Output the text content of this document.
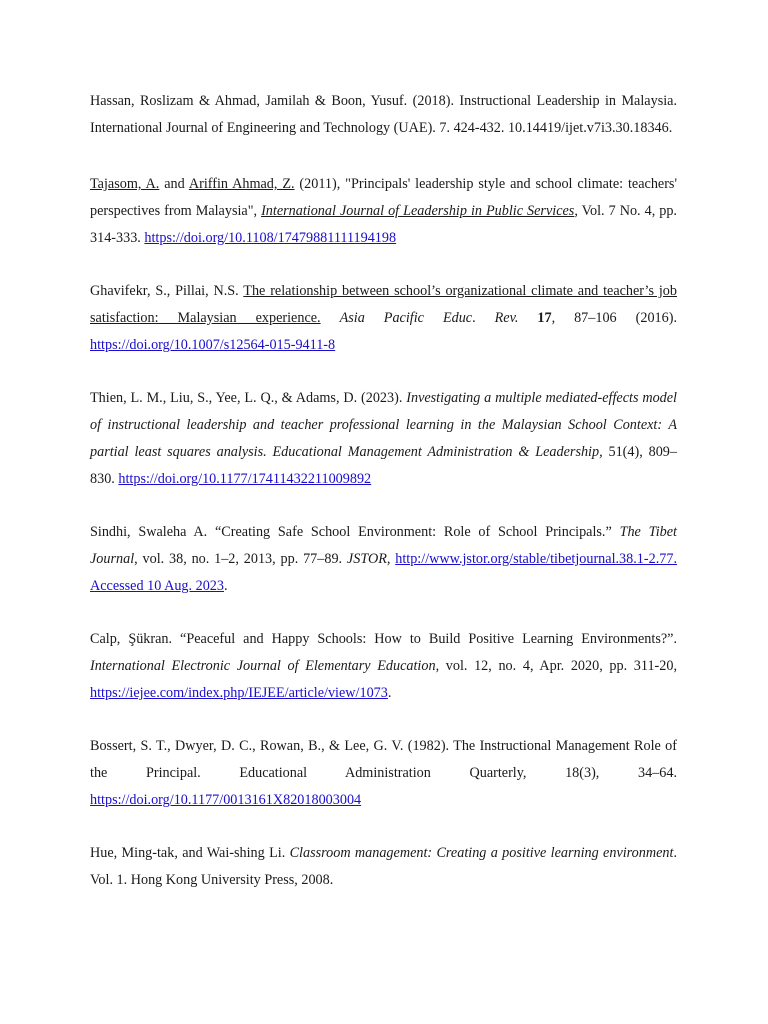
Hassan, Roslizam & Ahmad, Jamilah & Boon, Yusuf. (2018). Instructional Leadership in Malaysia. International Journal of Engineering and Technology (UAE). 7. 424-432. 10.14419/ijet.v7i3.30.18346.

Tajasom, A. and Ariffin Ahmad, Z. (2011), "Principals' leadership style and school climate: teachers' perspectives from Malaysia", International Journal of Leadership in Public Services, Vol. 7 No. 4, pp. 314-333. https://doi.org/10.1108/17479881111194198

Ghavifekr, S., Pillai, N.S. The relationship between school’s organizational climate and teacher’s job satisfaction: Malaysian experience. Asia Pacific Educ. Rev. 17, 87–106 (2016). https://doi.org/10.1007/s12564-015-9411-8

Thien, L. M., Liu, S., Yee, L. Q., & Adams, D. (2023). Investigating a multiple mediated-effects model of instructional leadership and teacher professional learning in the Malaysian School Context: A partial least squares analysis. Educational Management Administration & Leadership, 51(4), 809–830. https://doi.org/10.1177/17411432211009892

Sindhi, Swaleha A. “Creating Safe School Environment: Role of School Principals.” The Tibet Journal, vol. 38, no. 1–2, 2013, pp. 77–89. JSTOR, http://www.jstor.org/stable/tibetjournal.38.1-2.77. Accessed 10 Aug. 2023.

Calp, Şükran. “Peaceful and Happy Schools: How to Build Positive Learning Environments?”. International Electronic Journal of Elementary Education, vol. 12, no. 4, Apr. 2020, pp. 311-20, https://iejee.com/index.php/IEJEE/article/view/1073.

Bossert, S. T., Dwyer, D. C., Rowan, B., & Lee, G. V. (1982). The Instructional Management Role of the Principal. Educational Administration Quarterly, 18(3), 34–64. https://doi.org/10.1177/0013161X82018003004

Hue, Ming-tak, and Wai-shing Li. Classroom management: Creating a positive learning environment. Vol. 1. Hong Kong University Press, 2008.
